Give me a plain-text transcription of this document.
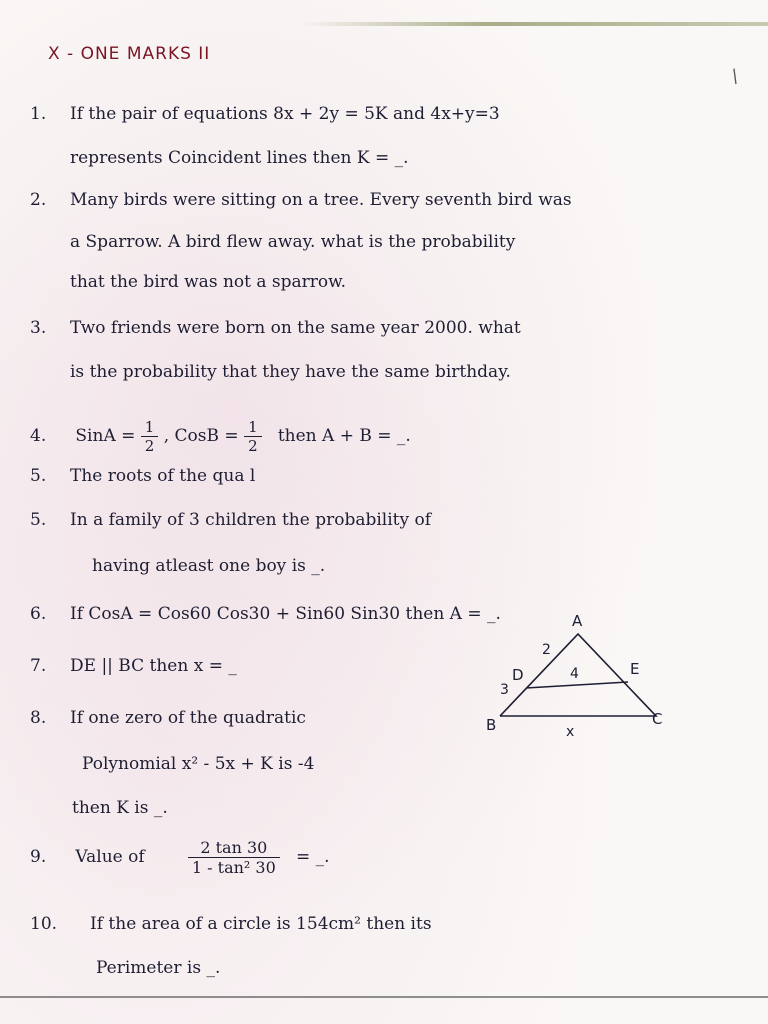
X - ONE MARKS II
/
1. If the pair of equations 8x + 2y = 5K and 4x+y=3
represents Coincident lines then K = _.
2. Many birds were sitting on a tree. Every seventh bird was
a Sparrow. A bird flew away. what is the probability
that the bird was not a sparrow.
3. Two friends were born on the same year 2000. what
is the probability that they have the same birthday.
4. SinA = $\frac{1}{2}$ , CosB = $\frac{1}{2}$ then A + B = _.
5. The roots of the qua l
5. In a family of 3 children the probability of
having atleast one boy is _.
6. If CosA = Cos60 Cos30 + Sin60 Sin30 then A = _.
7. DE || BC then x = _
A
B	C
D	E
2
3
4
x
8. If one zero of the quadratic
Polynomial x² - 5x + K is -4
then K is _.
9. Value of	$\frac{2 \tan 30}{\text{1 - tan² 30}}$ = _.
10. If the area of a circle is 154cm² then its
Perimeter is _.
